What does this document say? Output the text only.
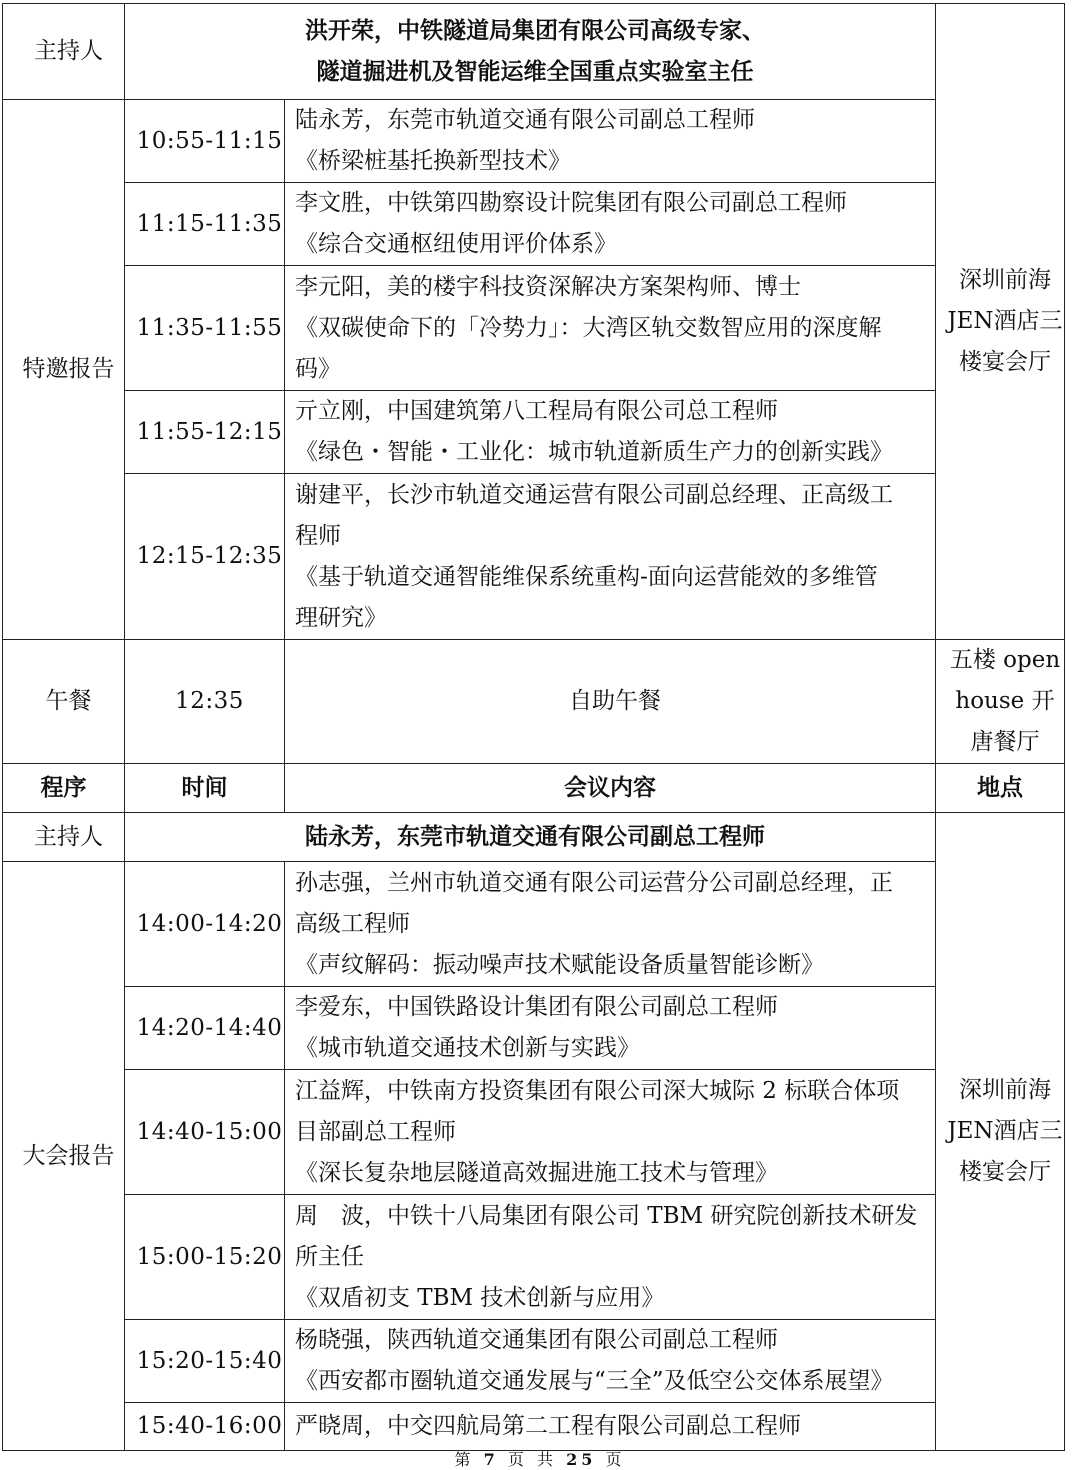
主持人	洪开荣，中铁隧道局集团有限公司高级专家、
隧道掘进机及智能运维全国重点实验室主任		深圳前海JEN酒店三楼宴会厅
特邀报告	10:55-11:15	陆永芳，东莞市轨道交通有限公司副总工程师
《桥梁桩基托换新型技术》	

	11:15-11:35	李文胜，中铁第四勘察设计院集团有限公司副总工程师
《综合交通枢纽使用评价体系》	

	11:35-11:55	李元阳，美的楼宇科技资深解决方案架构师、博士
《双碳使命下的「冷势力」：大湾区轨交数智应用的深度解
码》	

	11:55-12:15	亓立刚，中国建筑第八工程局有限公司总工程师
《绿色・智能・工业化：城市轨道新质生产力的创新实践》	

	12:15-12:35	谢建平，长沙市轨道交通运营有限公司副总经理、正高级工
程师
《基于轨道交通智能维保系统重构-面向运营能效的多维管
理研究》	

午餐	12:35	自助午餐	五楼 open house 开唐餐厅
程序	时间	会议内容	地点
主持人	陆永芳，东莞市轨道交通有限公司副总工程师		深圳前海JEN酒店三楼宴会厅
大会报告	14:00-14:20	孙志强，兰州市轨道交通有限公司运营分公司副总经理，正
高级工程师
《声纹解码：振动噪声技术赋能设备质量智能诊断》	

	14:20-14:40	李爱东，中国铁路设计集团有限公司副总工程师
《城市轨道交通技术创新与实践》	

	14:40-15:00	江益辉，中铁南方投资集团有限公司深大城际 2 标联合体项
目部副总工程师
《深长复杂地层隧道高效掘进施工技术与管理》	

	15:00-15:20	周　波，中铁十八局集团有限公司 TBM 研究院创新技术研发
所主任
《双盾初支 TBM 技术创新与应用》	

	15:20-15:40	杨晓强，陕西轨道交通集团有限公司副总工程师
《西安都市圈轨道交通发展与“三全”及低空公交体系展望》	

	15:40-16:00	严晓周，中交四航局第二工程有限公司副总工程师	
第 7 页 共 25 页
